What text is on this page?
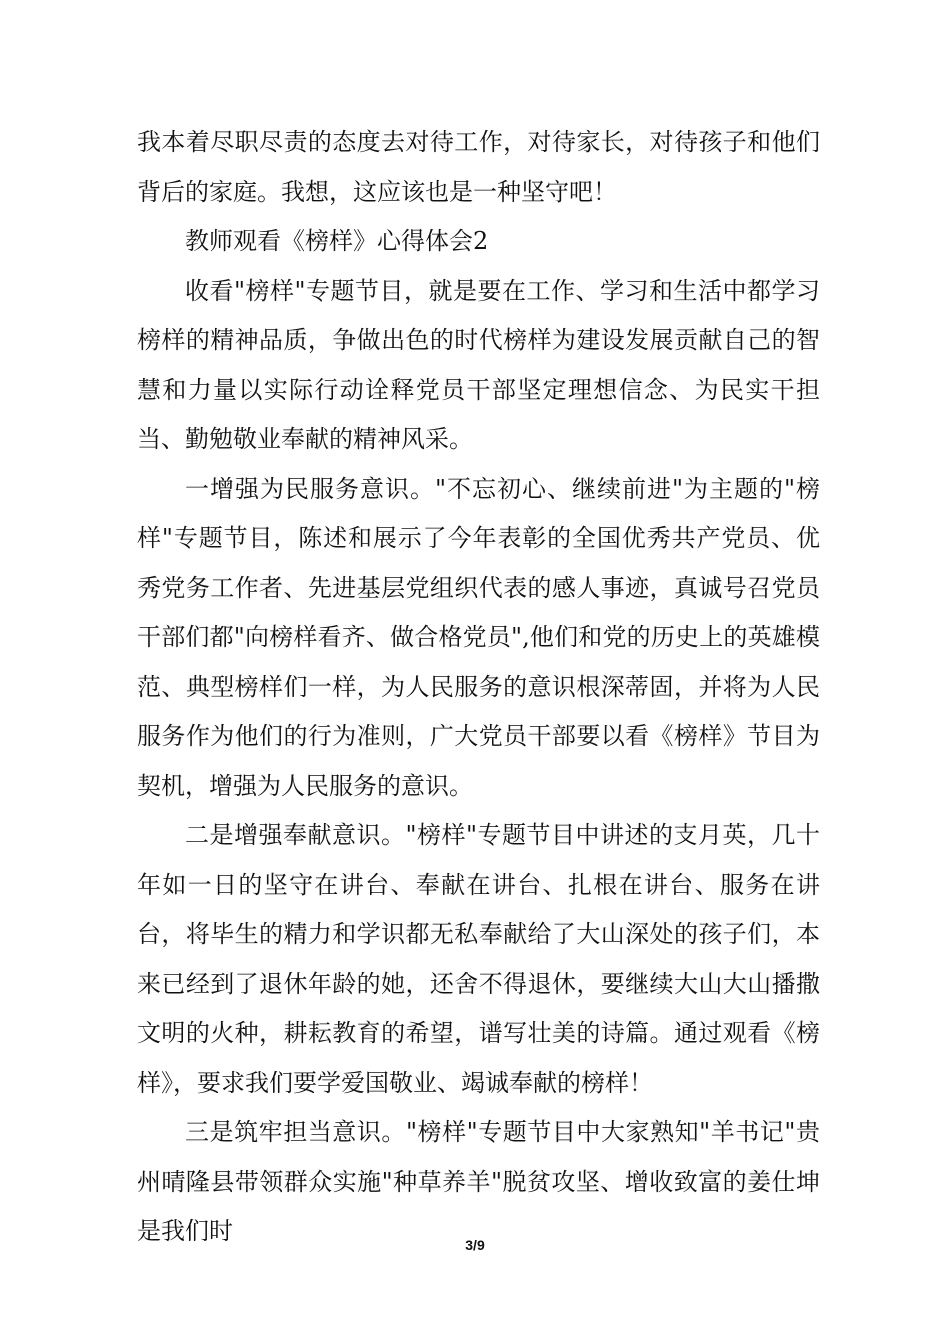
我本着尽职尽责的态度去对待工作，对待家长，对待孩子和他们背后的家庭。我想，这应该也是一种坚守吧！

教师观看《榜样》心得体会2

收看"榜样"专题节目，就是要在工作、学习和生活中都学习榜样的精神品质，争做出色的时代榜样为建设发展贡献自己的智慧和力量以实际行动诠释党员干部坚定理想信念、为民实干担当、勤勉敬业奉献的精神风采。

一增强为民服务意识。"不忘初心、继续前进"为主题的"榜样"专题节目，陈述和展示了今年表彰的全国优秀共产党员、优秀党务工作者、先进基层党组织代表的感人事迹，真诚号召党员干部们都"向榜样看齐、做合格党员",他们和党的历史上的英雄模范、典型榜样们一样，为人民服务的意识根深蒂固，并将为人民服务作为他们的行为准则，广大党员干部要以看《榜样》节目为契机，增强为人民服务的意识。

二是增强奉献意识。"榜样"专题节目中讲述的支月英，几十年如一日的坚守在讲台、奉献在讲台、扎根在讲台、服务在讲台，将毕生的精力和学识都无私奉献给了大山深处的孩子们，本来已经到了退休年龄的她，还舍不得退休，要继续大山大山播撒文明的火种，耕耘教育的希望，谱写壮美的诗篇。通过观看《榜样》，要求我们要学爱国敬业、竭诚奉献的榜样！

三是筑牢担当意识。"榜样"专题节目中大家熟知"羊书记"贵州晴隆县带领群众实施"种草养羊"脱贫攻坚、增收致富的姜仕坤是我们时	3/9
